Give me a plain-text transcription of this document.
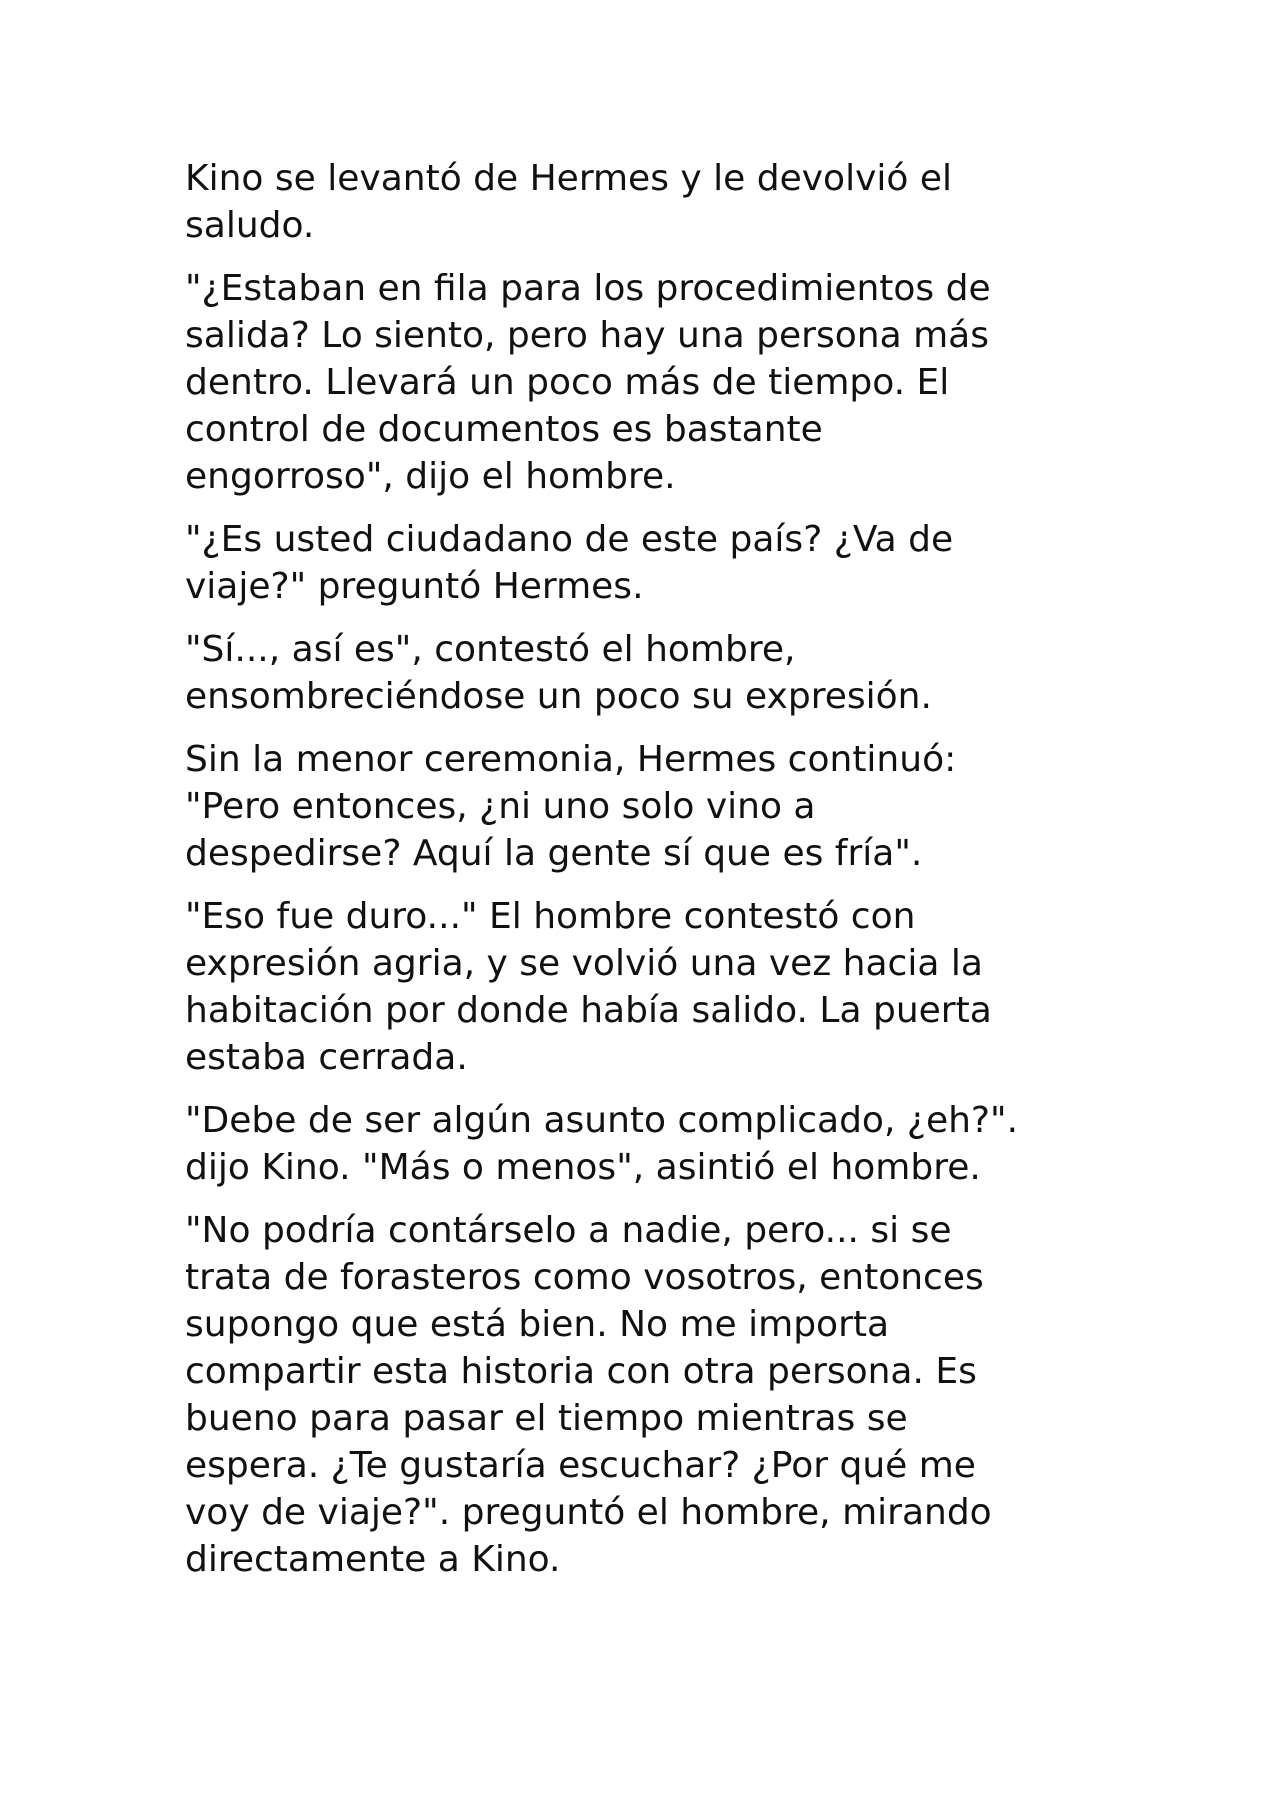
Kino se levantó de Hermes y le devolvió el
saludo.

"¿Estaban en fila para los procedimientos de
salida? Lo siento, pero hay una persona más
dentro. Llevará un poco más de tiempo. El
control de documentos es bastante
engorroso", dijo el hombre.

"¿Es usted ciudadano de este país? ¿Va de
viaje?" preguntó Hermes.

"Sí..., así es", contestó el hombre,
ensombreciéndose un poco su expresión.

Sin la menor ceremonia, Hermes continuó:
"Pero entonces, ¿ni uno solo vino a
despedirse? Aquí la gente sí que es fría".

"Eso fue duro..." El hombre contestó con
expresión agria, y se volvió una vez hacia la
habitación por donde había salido. La puerta
estaba cerrada.

"Debe de ser algún asunto complicado, ¿eh?".
dijo Kino. "Más o menos", asintió el hombre.

"No podría contárselo a nadie, pero... si se
trata de forasteros como vosotros, entonces
supongo que está bien. No me importa
compartir esta historia con otra persona. Es
bueno para pasar el tiempo mientras se
espera. ¿Te gustaría escuchar? ¿Por qué me
voy de viaje?". preguntó el hombre, mirando
directamente a Kino.
